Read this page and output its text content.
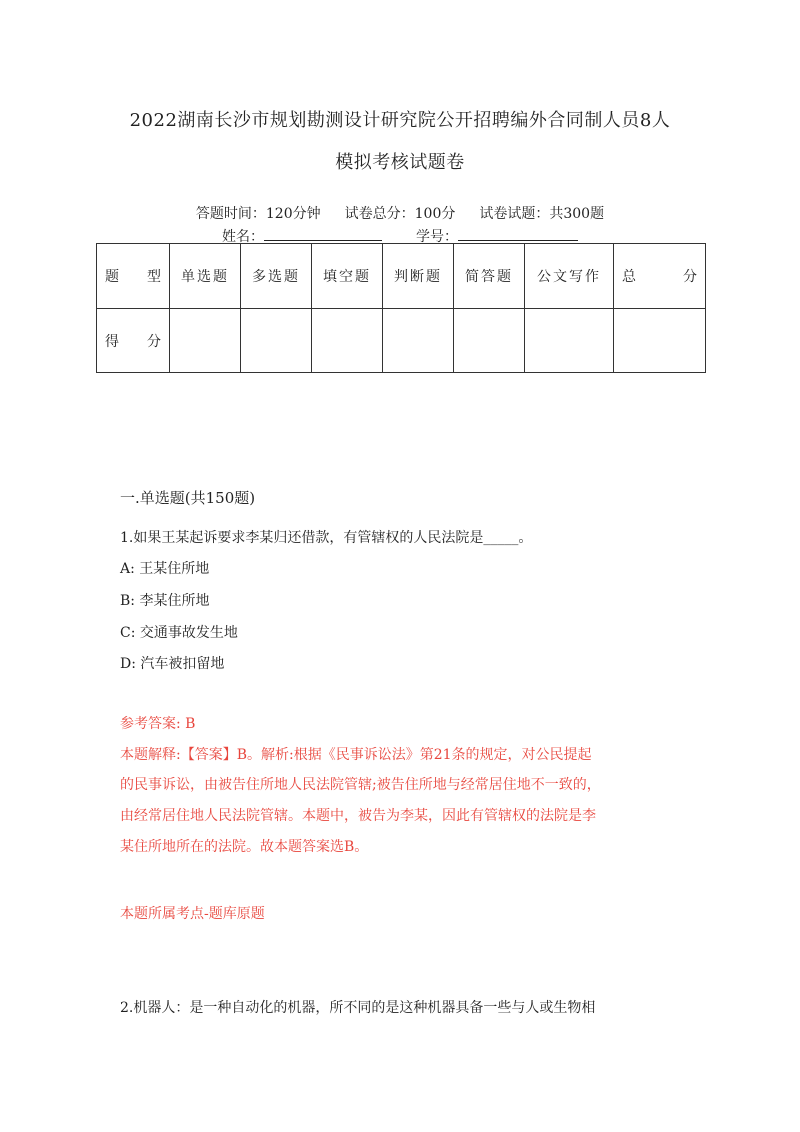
2022湖南长沙市规划勘测设计研究院公开招聘编外合同制人员8人
模拟考核试题卷
答题时间：120分钟 试卷总分：100分 试卷试题：共300题
姓名：	学号：
题 型	单选题	多选题	填空题	判断题	简答题	公文写作	总 分

得 分							

一.单选题(共150题)
1.如果王某起诉要求李某归还借款，有管辖权的人民法院是_____。
A: 王某住所地
B: 李某住所地
C: 交通事故发生地
D: 汽车被扣留地
参考答案: B
本题解释:【答案】B。解析:根据《民事诉讼法》第21条的规定，对公民提起
的民事诉讼，由被告住所地人民法院管辖;被告住所地与经常居住地不一致的，
由经常居住地人民法院管辖。本题中，被告为李某，因此有管辖权的法院是李
某住所地所在的法院。故本题答案选B。
本题所属考点-题库原题
2.机器人：是一种自动化的机器，所不同的是这种机器具备一些与人或生物相
